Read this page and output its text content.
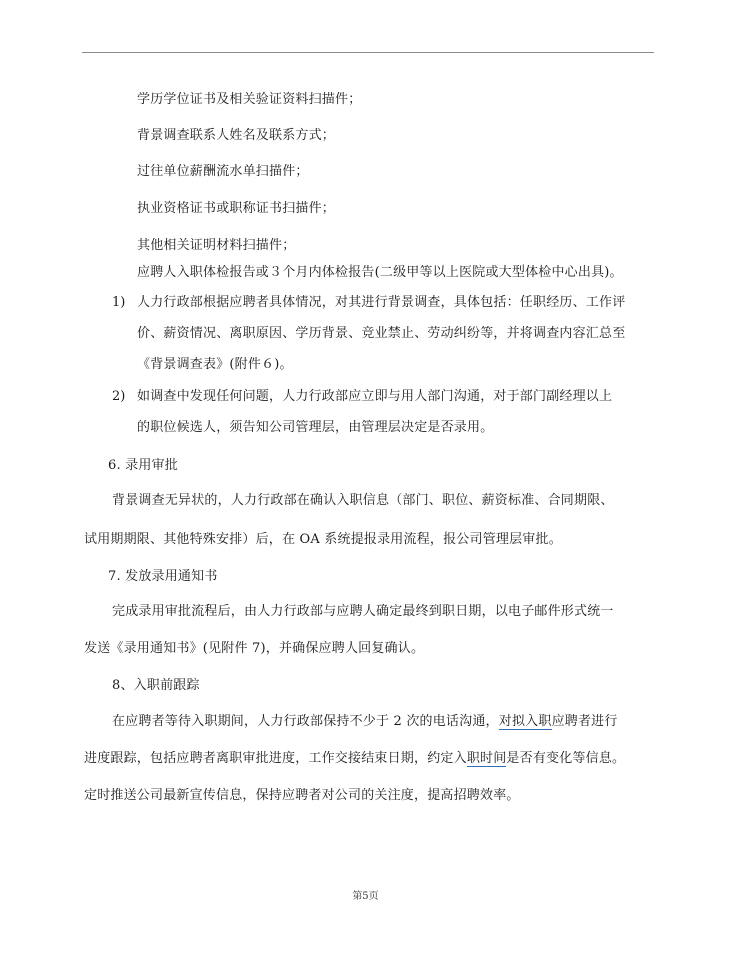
学历学位证书及相关验证资料扫描件；
背景调查联系人姓名及联系方式；
过往单位薪酬流水单扫描件；
执业资格证书或职称证书扫描件；
其他相关证明材料扫描件；
应聘人入职体检报告或３个月内体检报告(二级甲等以上医院或大型体检中心出具)。
1) 人力行政部根据应聘者具体情况，对其进行背景调查，具体包括：任职经历、工作评
价、薪资情况、离职原因、学历背景、竞业禁止、劳动纠纷等，并将调查内容汇总至
《背景调查表》(附件６)。
2) 如调查中发现任何问题，人力行政部应立即与用人部门沟通，对于部门副经理以上
的职位候选人，须告知公司管理层，由管理层决定是否录用。
6. 录用审批
背景调查无异状的，人力行政部在确认入职信息（部门、职位、薪资标准、合同期限、
试用期期限、其他特殊安排）后，在 OA 系统提报录用流程，报公司管理层审批。
7. 发放录用通知书
完成录用审批流程后，由人力行政部与应聘人确定最终到职日期，以电子邮件形式统一
发送《录用通知书》(见附件 7)，并确保应聘人回复确认。
8、入职前跟踪
在应聘者等待入职期间，人力行政部保持不少于 2 次的电话沟通，对拟入职应聘者进行
进度跟踪，包括应聘者离职审批进度，工作交接结束日期，约定入职时间是否有变化等信息。
定时推送公司最新宣传信息，保持应聘者对公司的关注度，提高招聘效率。
第5页
